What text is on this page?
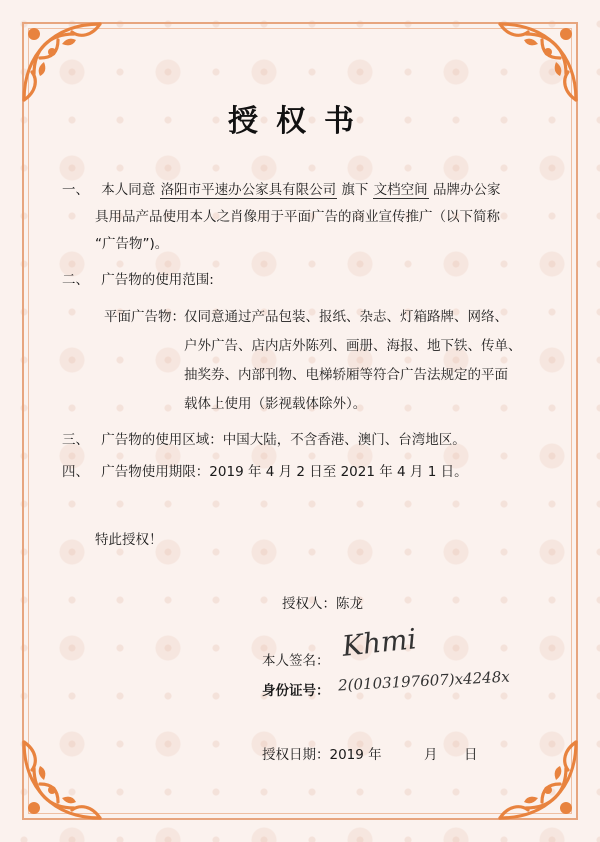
授权书
一、 本人同意 洛阳市平速办公家具有限公司 旗下 文档空间 品牌办公家
具用品产品使用本人之肖像用于平面广告的商业宣传推广（以下简称
“广告物”)。
二、 广告物的使用范围:
平面广告物： 仅同意通过产品包装、报纸、杂志、灯箱路牌、网络、
户外广告、店内店外陈列、画册、海报、地下铁、传单、
抽奖券、内部刊物、电梯轿厢等符合广告法规定的平面
载体上使用（影视载体除外）。
三、 广告物的使用区域：中国大陆，不含香港、澳门、台湾地区。
四、 广告物使用期限：2019 年 4 月 2 日至 2021 年 4 月 1 日。
特此授权！
授权人：陈龙
本人签名： Khmi
身份证号： 2(0103197607)x4248x
授权日期：2019 年	月 日
